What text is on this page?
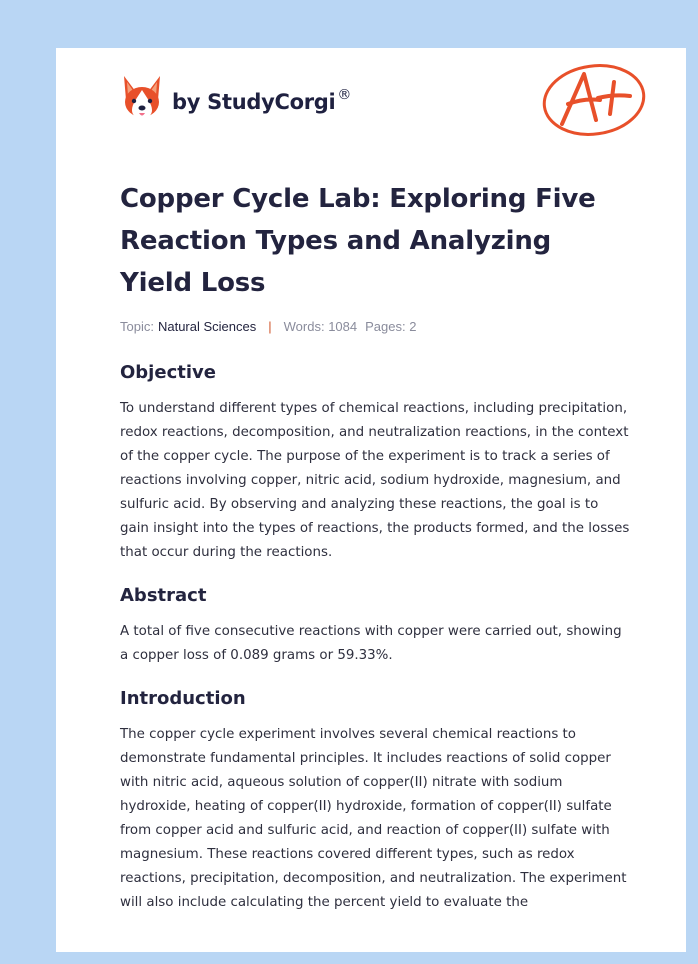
by StudyCorgi ®
Copper Cycle Lab: Exploring Five Reaction Types and Analyzing Yield Loss
Topic: Natural Sciences | Words: 1084 Pages: 2
Objective

To understand different types of chemical reactions, including precipitation, redox reactions, decomposition, and neutralization reactions, in the context of the copper cycle. The purpose of the experiment is to track a series of reactions involving copper, nitric acid, sodium hydroxide, magnesium, and sulfuric acid. By observing and analyzing these reactions, the goal is to gain insight into the types of reactions, the products formed, and the losses that occur during the reactions.

Abstract

A total of five consecutive reactions with copper were carried out, showing a copper loss of 0.089 grams or 59.33%.

Introduction

The copper cycle experiment involves several chemical reactions to demonstrate fundamental principles. It includes reactions of solid copper with nitric acid, aqueous solution of copper(II) nitrate with sodium hydroxide, heating of copper(II) hydroxide, formation of copper(II) sulfate from copper acid and sulfuric acid, and reaction of copper(II) sulfate with magnesium. These reactions covered different types, such as redox reactions, precipitation, decomposition, and neutralization. The experiment will also include calculating the percent yield to evaluate the
